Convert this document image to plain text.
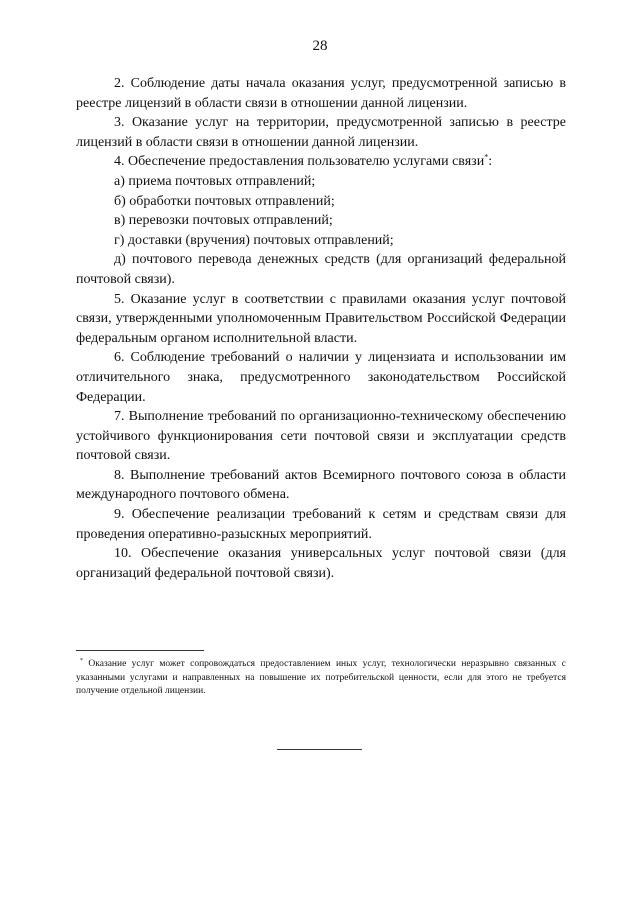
28

2. Соблюдение даты начала оказания услуг, предусмотренной записью в реестре лицензий в области связи в отношении данной лицензии.

3. Оказание услуг на территории, предусмотренной записью в реестре лицензий в области связи в отношении данной лицензии.

4. Обеспечение предоставления пользователю услугами связи*:

а) приема почтовых отправлений;

б) обработки почтовых отправлений;

в) перевозки почтовых отправлений;

г) доставки (вручения) почтовых отправлений;

д) почтового перевода денежных средств (для организаций федеральной почтовой связи).

5. Оказание услуг в соответствии с правилами оказания услуг почтовой связи, утвержденными уполномоченным Правительством Российской Федерации федеральным органом исполнительной власти.

6. Соблюдение требований о наличии у лицензиата и использовании им отличительного знака, предусмотренного законодательством Российской Федерации.

7. Выполнение требований по организационно-техническому обеспечению устойчивого функционирования сети почтовой связи и эксплуатации средств почтовой связи.

8. Выполнение требований актов Всемирного почтового союза в области международного почтового обмена.

9. Обеспечение реализации требований к сетям и средствам связи для проведения оперативно-разыскных мероприятий.

10. Обеспечение оказания универсальных услуг почтовой связи (для организаций федеральной почтовой связи).

* Оказание услуг может сопровождаться предоставлением иных услуг, технологически неразрывно связанных с указанными услугами и направленных на повышение их потребительской ценности, если для этого не требуется получение отдельной лицензии.
